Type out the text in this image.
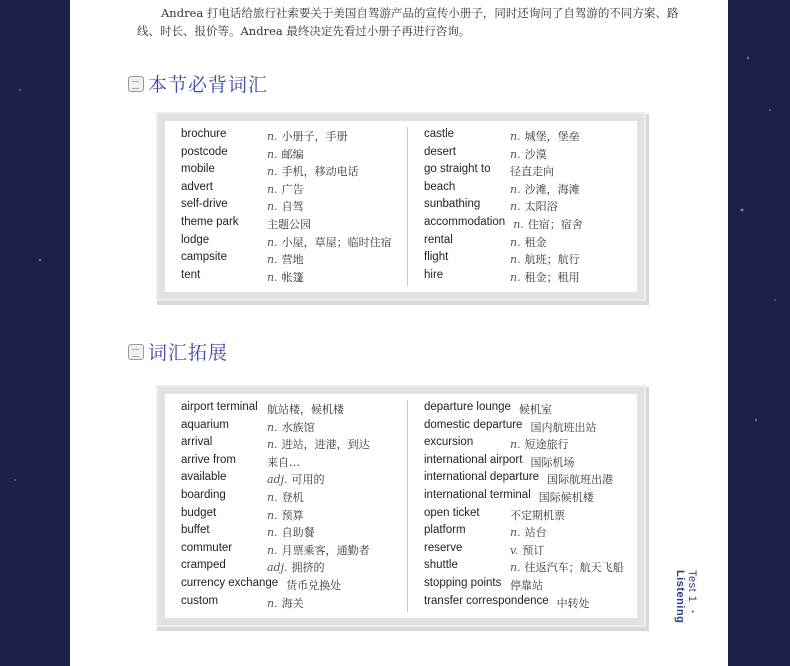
Andrea 打电话给旅行社索要关于美国自驾游产品的宣传小册子，同时还询问了自驾游的不同方案、路线、时长、报价等。Andrea 最终决定先看过小册子再进行咨询。

本节必背词汇
brochure	n. 小册子，手册
postcode	n. 邮编
mobile	n. 手机，移动电话
advert	n. 广告
self-drive	n. 自驾
theme park	主题公园
lodge	n. 小屋，草屋；临时住宿
campsite	n. 营地
tent	n. 帐篷
castle	n. 城堡，堡垒
desert	n. 沙漠
go straight to 径直走向
beach	n. 沙滩，海滩
sunbathing	n. 太阳浴
accommodation n. 住宿；宿舍
rental	n. 租金
flight	n. 航班；航行
hire	n. 租金；租用
词汇拓展
airport terminal 航站楼，候机楼
aquarium	n. 水族馆
arrival	n. 进站，进港，到达
arrive from	来自…
available	adj. 可用的
boarding	n. 登机
budget	n. 预算
buffet	n. 自助餐
commuter	n. 月票乘客，通勤者
cramped	adj. 拥挤的
currency exchange 货币兑换处
custom	n. 海关
departure lounge 候机室
domestic departure 国内航班出站
excursion	n. 短途旅行
international airport 国际机场
international departure 国际航班出港
international terminal 国际候机楼
open ticket	不定期机票
platform	n. 站台
reserve	v. 预订
shuttle	n. 往返汽车；航天飞船
stopping points 停靠站
transfer correspondence 中转处
Test 1 · Listening
